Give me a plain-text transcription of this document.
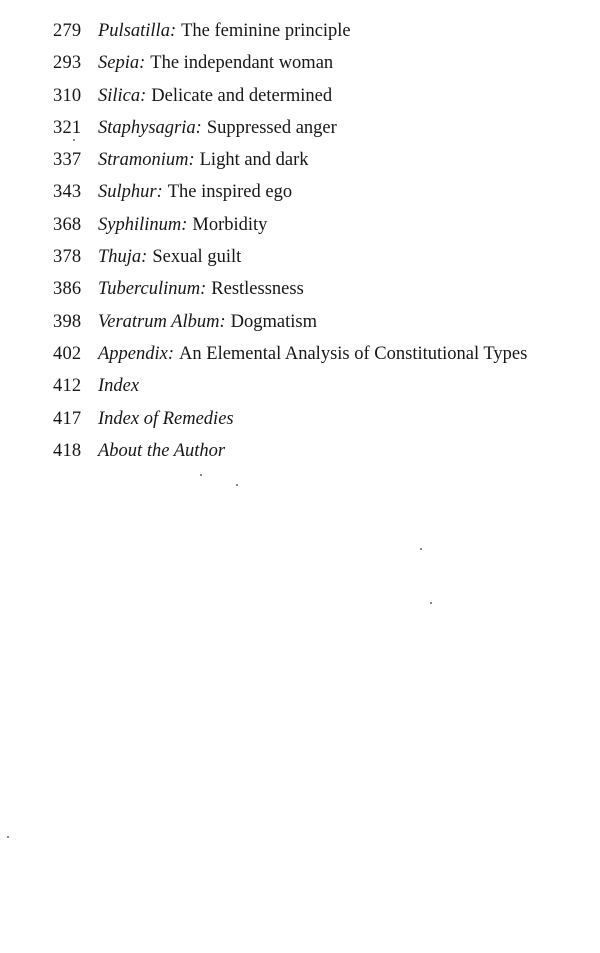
279 Pulsatilla: The feminine principle
293 Sepia: The independant woman
310 Silica: Delicate and determined
321 Staphysagria: Suppressed anger
337 Stramonium: Light and dark
343 Sulphur: The inspired ego
368 Syphilinum: Morbidity
378 Thuja: Sexual guilt
386 Tuberculinum: Restlessness
398 Veratrum Album: Dogmatism
402 Appendix: An Elemental Analysis of Constitutional Types
412 Index
417 Index of Remedies
418 About the Author
